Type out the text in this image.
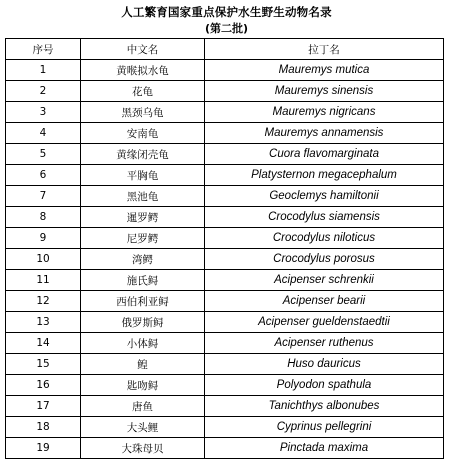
人工繁育国家重点保护水生野生动物名录
(第二批)
序号	中文名	拉丁名
1	黄喉拟水龟	Mauremys mutica
2	花龟	Mauremys sinensis
3	黑颈乌龟	Mauremys nigricans
4	安南龟	Mauremys annamensis
5	黄缘闭壳龟	Cuora flavomarginata
6	平胸龟	Platysternon megacephalum
7	黑池龟	Geoclemys hamiltonii
8	暹罗鳄	Crocodylus siamensis
9	尼罗鳄	Crocodylus niloticus
10	湾鳄	Crocodylus porosus
11	施氏鲟	Acipenser schrenkii
12	西伯利亚鲟	Acipenser bearii
13	俄罗斯鲟	Acipenser gueldenstaedtii
14	小体鲟	Acipenser ruthenus
15	鳇	Huso dauricus
16	匙吻鲟	Polyodon spathula
17	唐鱼	Tanichthys albonubes
18	大头鲤	Cyprinus pellegrini
19	大珠母贝	Pinctada maxima
